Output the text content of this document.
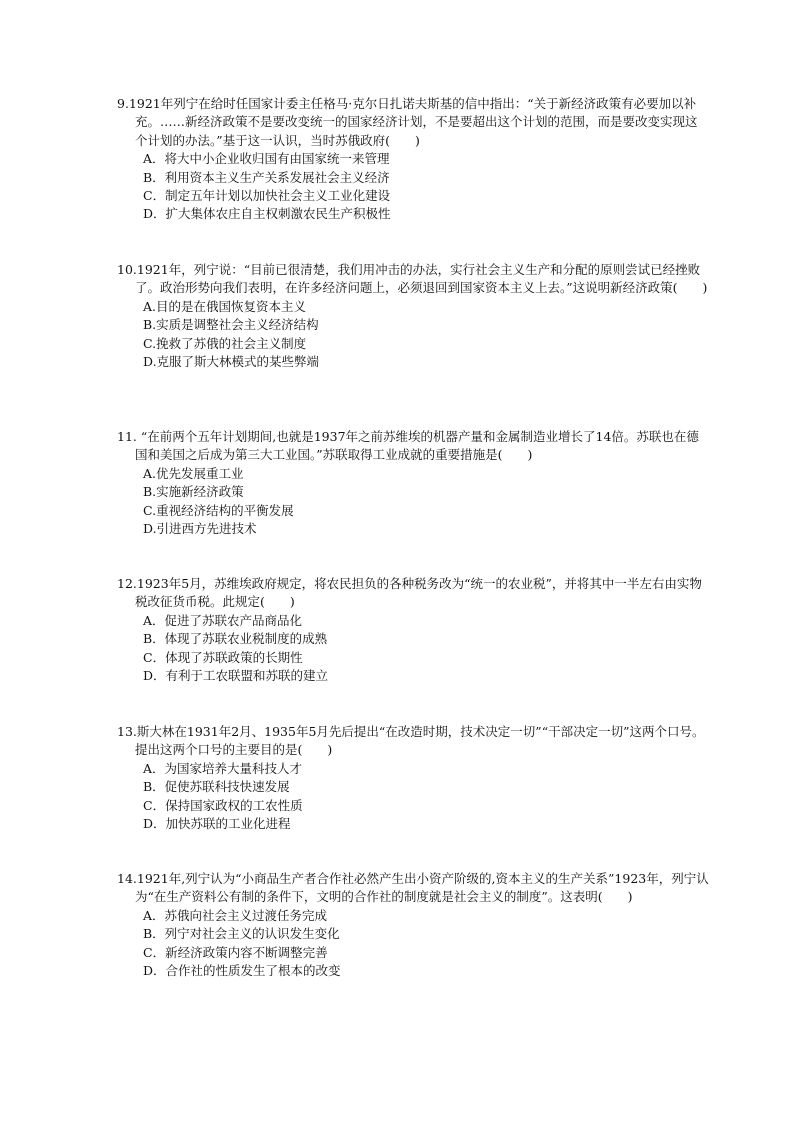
9.1921年列宁在给时任国家计委主任格马·克尔日扎诺夫斯基的信中指出：“关于新经济政策有必要加以补充。……新经济政策不是要改变统一的国家经济计划，不是要超出这个计划的范围，而是要改变实现这个计划的办法。”基于这一认识，当时苏俄政府(　　)

A．将大中小企业收归国有由国家统一来管理
B．利用资本主义生产关系发展社会主义经济
C．制定五年计划以加快社会主义工业化建设
D．扩大集体农庄自主权刺激农民生产积极性

10.1921年，列宁说：“目前已很清楚，我们用冲击的办法，实行社会主义生产和分配的原则尝试已经挫败了。政治形势向我们表明，在许多经济问题上，必须退回到国家资本主义上去。”这说明新经济政策(　　)

A.目的是在俄国恢复资本主义
B.实质是调整社会主义经济结构
C.挽救了苏俄的社会主义制度
D.克服了斯大林模式的某些弊端

11. “在前两个五年计划期间,也就是1937年之前苏维埃的机器产量和金属制造业增长了14倍。苏联也在德国和美国之后成为第三大工业国。”苏联取得工业成就的重要措施是(　　)

A.优先发展重工业
B.实施新经济政策
C.重视经济结构的平衡发展
D.引进西方先进技术

12.1923年5月，苏维埃政府规定，将农民担负的各种税务改为“统一的农业税”，并将其中一半左右由实物税改征货币税。此规定(　　)

A．促进了苏联农产品商品化
B．体现了苏联农业税制度的成熟
C．体现了苏联政策的长期性
D．有利于工农联盟和苏联的建立

13.斯大林在1931年2月、1935年5月先后提出“在改造时期，技术决定一切”“干部决定一切”这两个口号。提出这两个口号的主要目的是(　　)

A．为国家培养大量科技人才
B．促使苏联科技快速发展
C．保持国家政权的工农性质
D．加快苏联的工业化进程

14.1921年,列宁认为“小商品生产者合作社必然产生出小资产阶级的,资本主义的生产关系”1923年，列宁认为“在生产资料公有制的条件下，文明的合作社的制度就是社会主义的制度”。这表明(　　)

A．苏俄向社会主义过渡任务完成
B．列宁对社会主义的认识发生变化
C．新经济政策内容不断调整完善
D．合作社的性质发生了根本的改变
